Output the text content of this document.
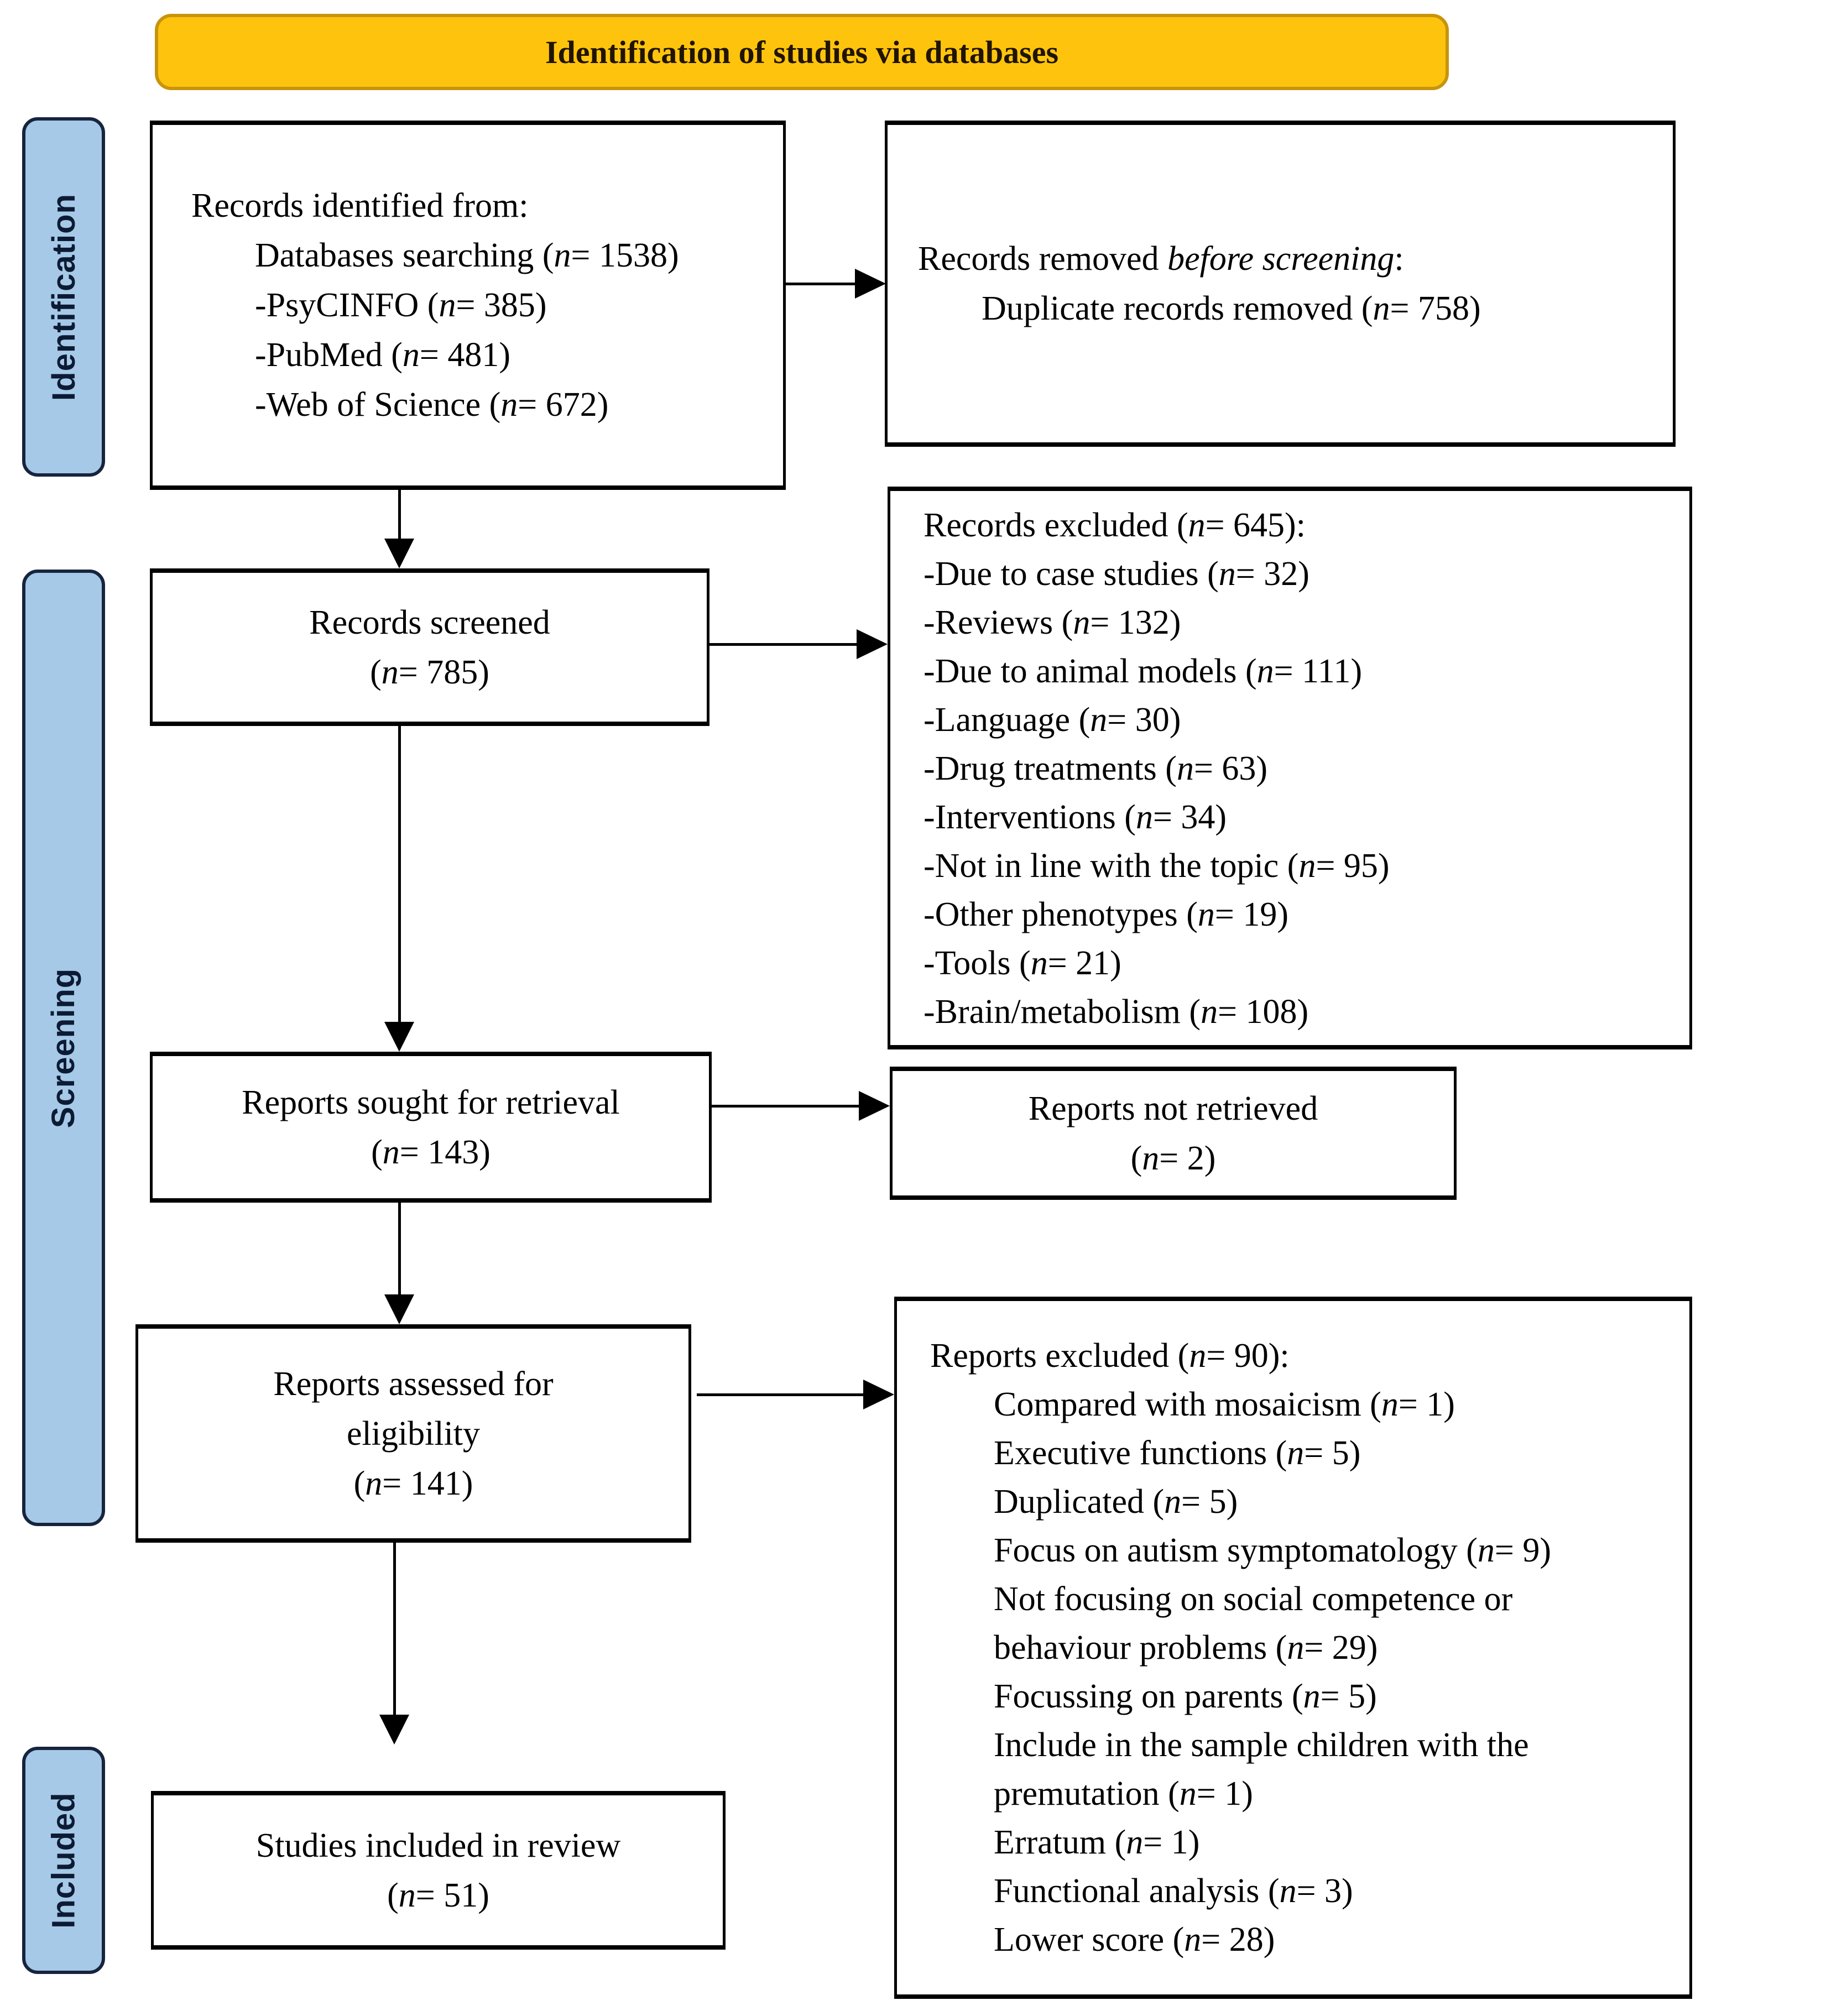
Identification of studies via databases
Identification
Screening
Included
Records identified from:
Databases searching (n= 1538)
-PsyCINFO (n= 385)
-PubMed (n= 481)
-Web of Science (n= 672)
Records removed before screening:
Duplicate records removed (n= 758)
Records screened
(n= 785)
Records excluded (n= 645):
-Due to case studies (n= 32)
-Reviews (n= 132)
-Due to animal models (n= 111)
-Language (n= 30)
-Drug treatments (n= 63)
-Interventions (n= 34)
-Not in line with the topic (n= 95)
-Other phenotypes (n= 19)
-Tools (n= 21)
-Brain/metabolism (n= 108)
Reports sought for retrieval
(n= 143)
Reports not retrieved
(n= 2)
Reports assessed for
eligibility
(n= 141)
Reports excluded (n= 90):
Compared with mosaicism (n= 1)
Executive functions (n= 5)
Duplicated (n= 5)
Focus on autism symptomatology (n= 9)
Not focusing on social competence or
behaviour problems (n= 29)
Focussing on parents (n= 5)
Include in the sample children with the
premutation (n= 1)
Erratum (n= 1)
Functional analysis (n= 3)
Lower score (n= 28)
Studies included in review
(n= 51)
